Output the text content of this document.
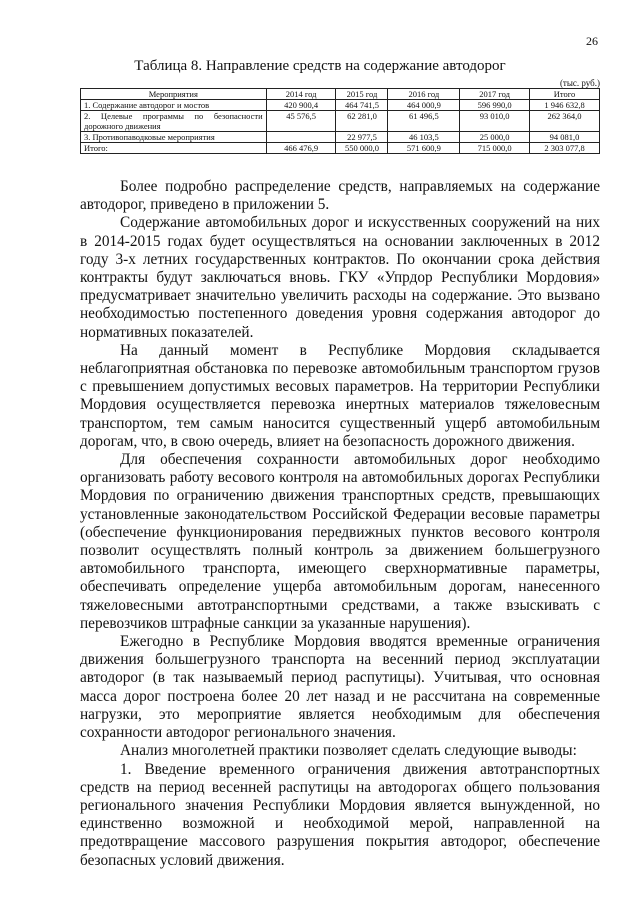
26
Таблица 8. Направление средств на содержание автодорог
(тыс. руб.)
Мероприятия	2014 год	2015 год	2016 год	2017 год	Итого
1. Содержание автодорог и мостов	420 900,4	464 741,5	464 000,9	596 990,0	1 946 632,8
2. Целевые программы по безопасности дорожного движения	45 576,5	62 281,0	61 496,5	93 010,0	262 364,0
3. Противопаводковые мероприятия		22 977,5	46 103,5	25 000,0	94 081,0
Итого:	466 476,9	550 000,0	571 600,9	715 000,0	2 303 077,8

Более подробно распределение средств, направляемых на содержание автодорог, приведено в приложении 5.

Содержание автомобильных дорог и искусственных сооружений на них в 2014-2015 годах будет осуществляться на основании заключенных в 2012 году 3-х летних государственных контрактов. По окончании срока действия контракты будут заключаться вновь. ГКУ «Упрдор Республики Мордовия» предусматривает значительно увеличить расходы на содержание. Это вызвано необходимостью постепенного доведения уровня содержания автодорог до нормативных показателей.

На данный момент в Республике Мордовия складывается неблагоприятная обстановка по перевозке автомобильным транспортом грузов с превышением допустимых весовых параметров. На территории Республики Мордовия осуществляется перевозка инертных материалов тяжеловесным транспортом, тем самым наносится существенный ущерб автомобильным дорогам, что, в свою очередь, влияет на безопасность дорожного движения.

Для обеспечения сохранности автомобильных дорог необходимо организовать работу весового контроля на автомобильных дорогах Республики Мордовия по ограничению движения транспортных средств, превышающих установленные законодательством Российской Федерации весовые параметры (обеспечение функционирования передвижных пунктов весового контроля позволит осуществлять полный контроль за движением большегрузного автомобильного транспорта, имеющего сверхнормативные параметры, обеспечивать определение ущерба автомобильным дорогам, нанесенного тяжеловесными автотранспортными средствами, а также взыскивать с перевозчиков штрафные санкции за указанные нарушения).

Ежегодно в Республике Мордовия вводятся временные ограничения движения большегрузного транспорта на весенний период эксплуатации автодорог (в так называемый период распутицы). Учитывая, что основная масса дорог построена более 20 лет назад и не рассчитана на современные нагрузки, это мероприятие является необходимым для обеспечения сохранности автодорог регионального значения.

Анализ многолетней практики позволяет сделать следующие выводы:

1. Введение временного ограничения движения автотранспортных средств на период весенней распутицы на автодорогах общего пользования регионального значения Республики Мордовия является вынужденной, но единственно возможной и необходимой мерой, направленной на предотвращение массового разрушения покрытия автодорог, обеспечение безопасных условий движения.
